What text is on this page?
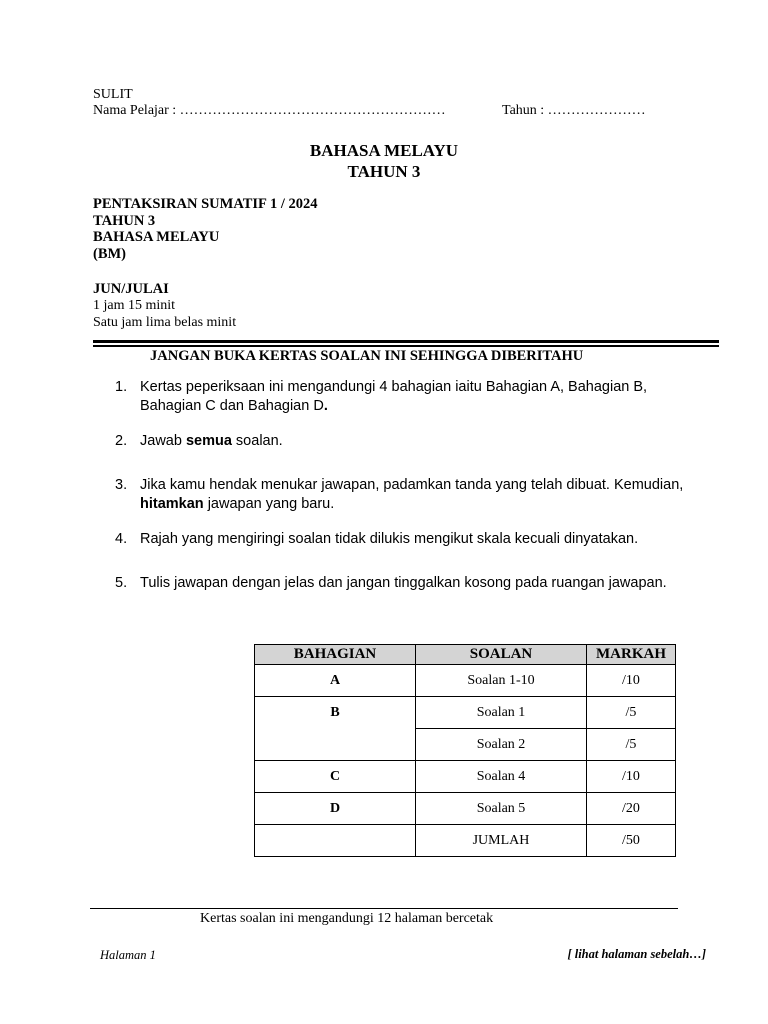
SULIT
Nama Pelajar : …………………………………………………	Tahun : …………………
BAHASA MELAYU
TAHUN 3
PENTAKSIRAN SUMATIF 1 / 2024
TAHUN 3
BAHASA MELAYU
(BM)
JUN/JULAI
1 jam 15 minit
Satu jam lima belas minit
JANGAN BUKA KERTAS SOALAN INI SEHINGGA DIBERITAHU
1. Kertas peperiksaan ini mengandungi 4 bahagian iaitu Bahagian A, Bahagian B, Bahagian C dan Bahagian D.
2. Jawab semua soalan.
3. Jika kamu hendak menukar jawapan, padamkan tanda yang telah dibuat. Kemudian, hitamkan jawapan yang baru.
4. Rajah yang mengiringi soalan tidak dilukis mengikut skala kecuali dinyatakan.
5. Tulis jawapan dengan jelas dan jangan tinggalkan kosong pada ruangan jawapan.
BAHAGIAN	SOALAN	MARKAH
A	Soalan 1-10	/10
B	Soalan 1	/5
	Soalan 2	/5
C	Soalan 4	/10
D	Soalan 5	/20
	JUMLAH	/50
Kertas soalan ini mengandungi 12 halaman bercetak
Halaman 1	[ lihat halaman sebelah…]
